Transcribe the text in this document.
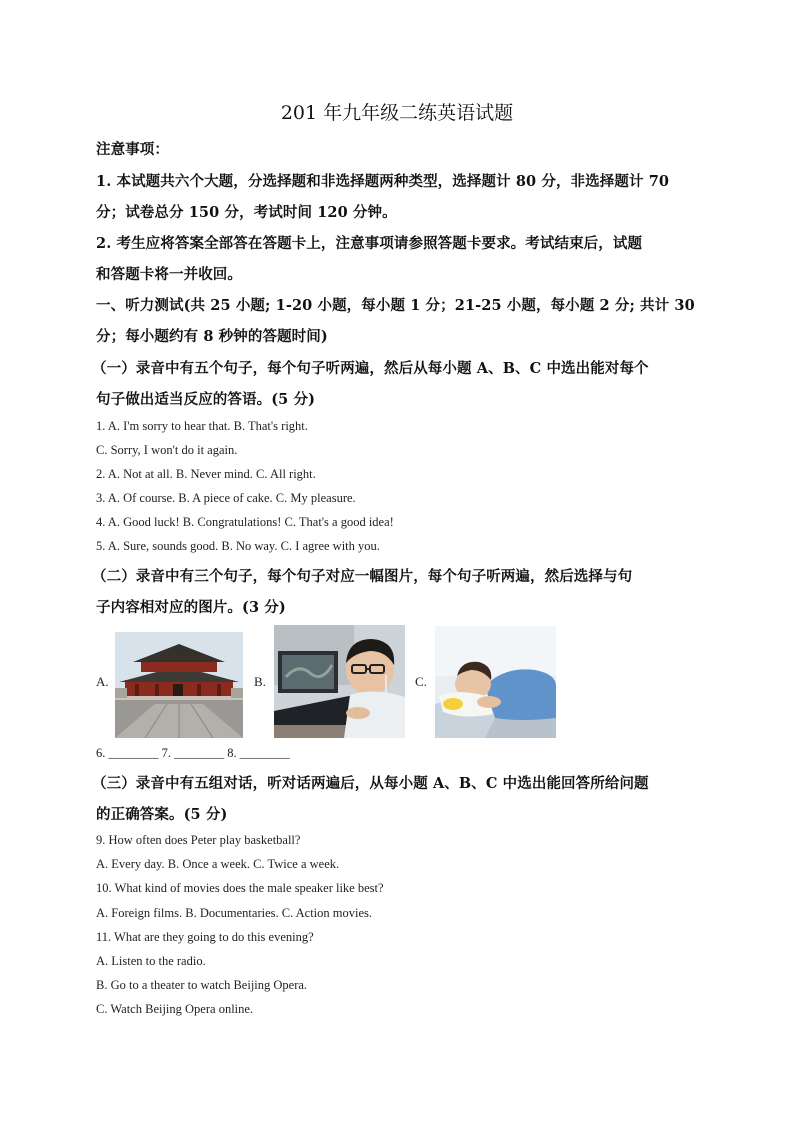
201 年九年级二练英语试题
注意事项：
1. 本试题共六个大题，分选择题和非选择题两种类型，选择题计 80 分，非选择题计 70
分；试卷总分 150 分，考试时间 120 分钟。
2. 考生应将答案全部答在答题卡上，注意事项请参照答题卡要求。考试结束后，试题
和答题卡将一并收回。
一、听力测试(共 25 小题; 1-20 小题，每小题 1 分；21-25 小题，每小题 2 分; 共计 30
分；每小题约有 8 秒钟的答题时间)
（一）录音中有五个句子，每个句子听两遍，然后从每小题 A、B、C 中选出能对每个
句子做出适当反应的答语。(5 分)
1. A. I'm sorry to hear that. B. That's right.
C. Sorry, I won't do it again.
2. A. Not at all. B. Never mind. C. All right.
3. A. Of course. B. A piece of cake. C. My pleasure.
4. A. Good luck! B. Congratulations! C. That's a good idea!
5. A. Sure, sounds good. B. No way. C. I agree with you.
（二）录音中有三个句子，每个句子对应一幅图片，每个句子听两遍，然后选择与句
子内容相对应的图片。(3 分)
A.	B.	C.
6. ________ 7. ________ 8. ________
（三）录音中有五组对话，听对话两遍后，从每小题 A、B、C 中选出能回答所给问题
的正确答案。(5 分)
9. How often does Peter play basketball?
A. Every day. B. Once a week. C. Twice a week.
10. What kind of movies does the male speaker like best?
A. Foreign films. B. Documentaries. C. Action movies.
11. What are they going to do this evening?
A. Listen to the radio.
B. Go to a theater to watch Beijing Opera.
C. Watch Beijing Opera online.
